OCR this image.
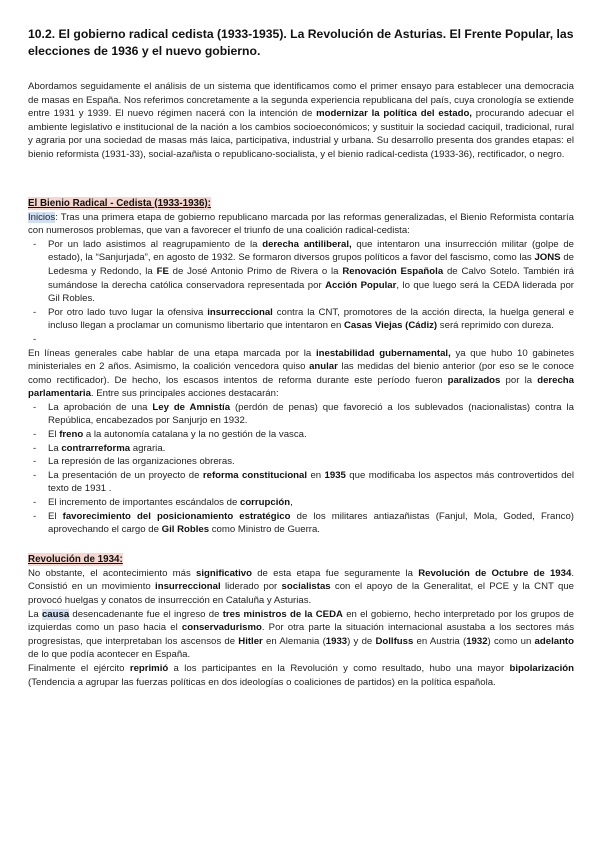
10.2. El gobierno radical cedista (1933-1935). La Revolución de Asturias. El Frente Popular, las elecciones de 1936 y el nuevo gobierno.

Abordamos seguidamente el análisis de un sistema que identificamos como el primer ensayo para establecer una democracia de masas en España. Nos referimos concretamente a la segunda experiencia republicana del país, cuya cronología se extiende entre 1931 y 1939. El nuevo régimen nacerá con la intención de modernizar la política del estado, procurando adecuar el ambiente legislativo e institucional de la nación a los cambios socioeconómicos; y sustituir la sociedad caciquil, tradicional, rural y agraria por una sociedad de masas más laica, participativa, industrial y urbana. Su desarrollo presenta dos grandes etapas: el bienio reformista (1931-33), social-azañista o republicano-socialista, y el bienio radical-cedista (1933-36), rectificador, o negro.

El Bienio Radical - Cedista (1933-1936):

Inicios: Tras una primera etapa de gobierno republicano marcada por las reformas generalizadas, el Bienio Reformista contaría con numerosos problemas, que van a favorecer el triunfo de una coalición radical-cedista:

- Por un lado asistimos al reagrupamiento de la derecha antiliberal, que intentaron una insurrección militar (golpe de estado), la “Sanjurjada”, en agosto de 1932. Se formaron diversos grupos políticos a favor del fascismo, como las JONS de Ledesma y Redondo, la FE de José Antonio Primo de Rivera o la Renovación Española de Calvo Sotelo. También irá sumándose la derecha católica conservadora representada por Acción Popular, lo que luego será la CEDA liderada por Gil Robles.
- Por otro lado tuvo lugar la ofensiva insurreccional contra la CNT, promotores de la acción directa, la huelga general e incluso llegan a proclamar un comunismo libertario que intentaron en Casas Viejas (Cádiz) será reprimido con dureza.
-

En líneas generales cabe hablar de una etapa marcada por la inestabilidad gubernamental, ya que hubo 10 gabinetes ministeriales en 2 años. Asimismo, la coalición vencedora quiso anular las medidas del bienio anterior (por eso se le conoce como rectificador). De hecho, los escasos intentos de reforma durante este período fueron paralizados por la derecha parlamentaria. Entre sus principales acciones destacarán:

- La aprobación de una Ley de Amnistía (perdón de penas) que favoreció a los sublevados (nacionalistas) contra la República, encabezados por Sanjurjo en 1932.
- El freno a la autonomía catalana y la no gestión de la vasca.
- La contrarreforma agraria.
- La represión de las organizaciones obreras.
- La presentación de un proyecto de reforma constitucional en 1935 que modificaba los aspectos más controvertidos del texto de 1931 .
- El incremento de importantes escándalos de corrupción,
- El favorecimiento del posicionamiento estratégico de los militares antiazañistas (Fanjul, Mola, Goded, Franco) aprovechando el cargo de Gil Robles como Ministro de Guerra.
Revolución de 1934:

No obstante, el acontecimiento más significativo de esta etapa fue seguramente la Revolución de Octubre de 1934. Consistió en un movimiento insurreccional liderado por socialistas con el apoyo de la Generalitat, el PCE y la CNT que provocó huelgas y conatos de insurrección en Cataluña y Asturias.

La causa desencadenante fue el ingreso de tres ministros de la CEDA en el gobierno, hecho interpretado por los grupos de izquierdas como un paso hacia el conservadurismo. Por otra parte la situación internacional asustaba a los sectores más progresistas, que interpretaban los ascensos de Hitler en Alemania (1933) y de Dollfuss en Austria (1932) como un adelanto de lo que podía acontecer en España.

Finalmente el ejército reprimió a los participantes en la Revolución y como resultado, hubo una mayor bipolarización (Tendencia a agrupar las fuerzas políticas en dos ideologías o coaliciones de partidos) en la política española.
